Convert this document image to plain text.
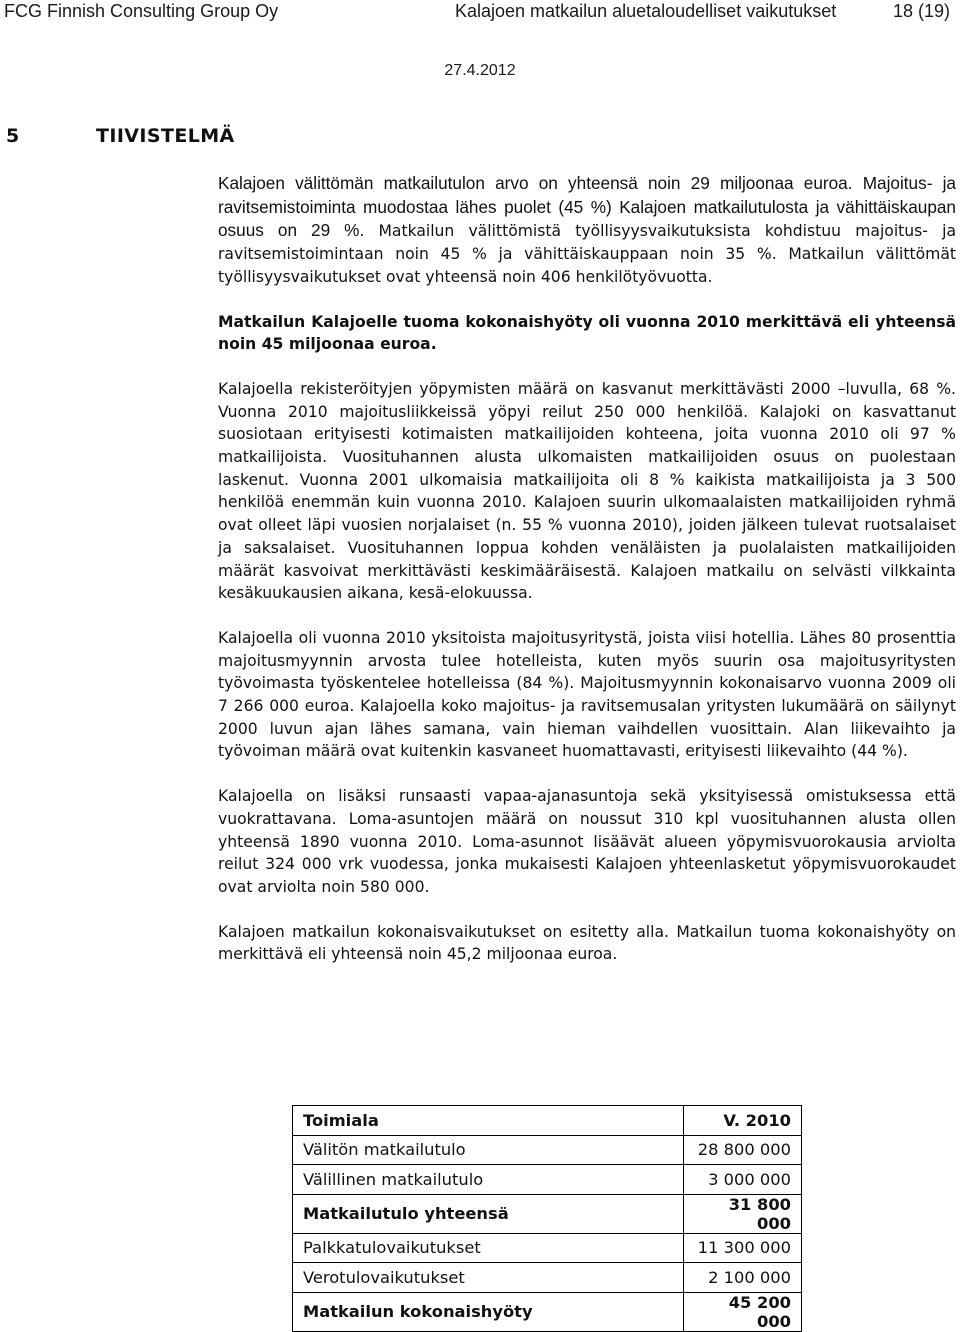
FCG Finnish Consulting Group Oy	Kalajoen matkailun aluetaloudelliset vaikutukset	18 (19)
27.4.2012
5	TIIVISTELMÄ

Kalajoen välittömän matkailutulon arvo on yhteensä noin 29 miljoonaa euroa. Majoitus- ja ravitsemistoiminta muodostaa lähes puolet (45 %) Kalajoen matkailutulosta ja vähittäiskaupan osuus on 29 %. Matkailun välittömistä työllisyysvaikutuksista kohdistuu majoitus- ja ravitsemistoimintaan noin 45 % ja vähittäiskauppaan noin 35 %. Matkailun välittömät työllisyysvaikutukset ovat yhteensä noin 406 henkilötyövuotta.

Matkailun Kalajoelle tuoma kokonaishyöty oli vuonna 2010 merkittävä eli yhteensä noin 45 miljoonaa euroa.

Kalajoella rekisteröityjen yöpymisten määrä on kasvanut merkittävästi 2000 –luvulla, 68 %. Vuonna 2010 majoitusliikkeissä yöpyi reilut 250 000 henkilöä. Kalajoki on kasvattanut suosiotaan erityisesti kotimaisten matkailijoiden kohteena, joita vuonna 2010 oli 97 % matkailijoista. Vuosituhannen alusta ulkomaisten matkailijoiden osuus on puolestaan laskenut. Vuonna 2001 ulkomaisia matkailijoita oli 8 % kaikista matkailijoista ja 3 500 henkilöä enemmän kuin vuonna 2010. Kalajoen suurin ulkomaalaisten matkailijoiden ryhmä ovat olleet läpi vuosien norjalaiset (n. 55 % vuonna 2010), joiden jälkeen tulevat ruotsalaiset ja saksalaiset. Vuosituhannen loppua kohden venäläisten ja puolalaisten matkailijoiden määrät kasvoivat merkittävästi keskimääräisestä. Kalajoen matkailu on selvästi vilkkainta kesäkuukausien aikana, kesä-elokuussa.

Kalajoella oli vuonna 2010 yksitoista majoitusyritystä, joista viisi hotellia. Lähes 80 prosenttia majoitusmyynnin arvosta tulee hotelleista, kuten myös suurin osa majoitusyritysten työvoimasta työskentelee hotelleissa (84 %). Majoitusmyynnin kokonaisarvo vuonna 2009 oli 7 266 000 euroa. Kalajoella koko majoitus- ja ravitsemusalan yritysten lukumäärä on säilynyt 2000 luvun ajan lähes samana, vain hieman vaihdellen vuosittain. Alan liikevaihto ja työvoiman määrä ovat kuitenkin kasvaneet huomattavasti, erityisesti liikevaihto (44 %).

Kalajoella on lisäksi runsaasti vapaa-ajanasuntoja sekä yksityisessä omistuksessa että vuokrattavana. Loma-asuntojen määrä on noussut 310 kpl vuosituhannen alusta ollen yhteensä 1890 vuonna 2010. Loma-asunnot lisäävät alueen yöpymisvuorokausia arviolta reilut 324 000 vrk vuodessa, jonka mukaisesti Kalajoen yhteenlasketut yöpymisvuorokaudet ovat arviolta noin 580 000.

Kalajoen matkailun kokonaisvaikutukset on esitetty alla. Matkailun tuoma kokonaishyöty on merkittävä eli yhteensä noin 45,2 miljoonaa euroa.

Toimiala	V. 2010
Välitön matkailutulo	28 800 000
Välillinen matkailutulo	3 000 000
Matkailutulo yhteensä	31 800 000
Palkkatulovaikutukset	11 300 000
Verotulovaikutukset	2 100 000
Matkailun kokonaishyöty	45 200 000
